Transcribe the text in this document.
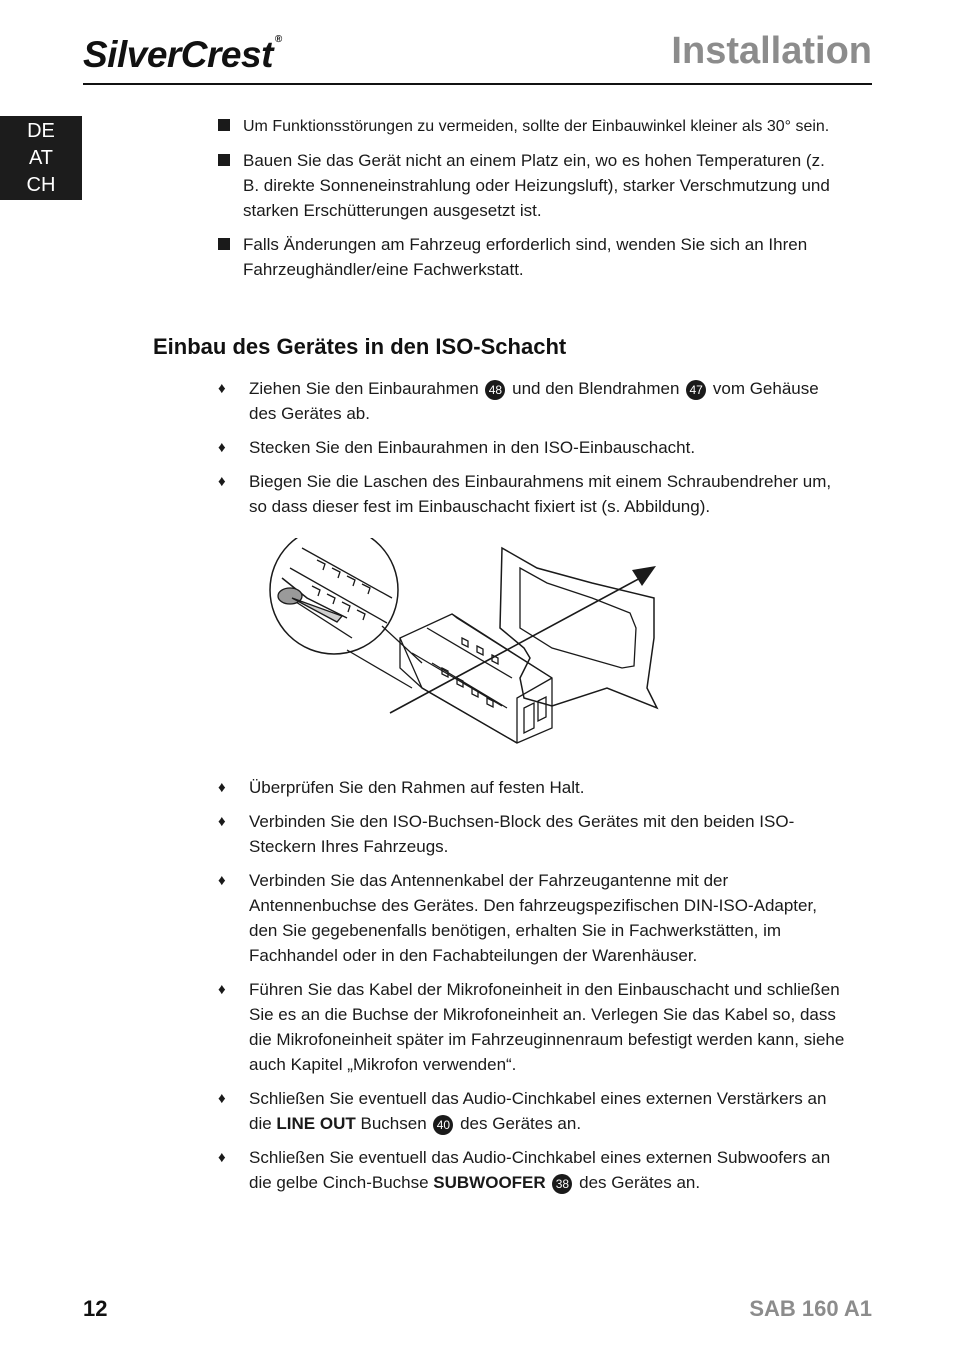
SilverCrest ®	Installation
DE
AT
CH
Um Funktionsstörungen zu vermeiden, sollte der Einbauwinkel kleiner als 30° sein.
Bauen Sie das Gerät nicht an einem Platz ein, wo es hohen Temperaturen (z. B. direkte Sonneneinstrahlung oder Heizungsluft), starker Verschmutzung und starken Erschütterungen ausgesetzt ist.
Falls Änderungen am Fahrzeug erforderlich sind, wenden Sie sich an Ihren Fahrzeughändler/eine Fachwerkstatt.
Einbau des Gerätes in den ISO-Schacht
♦ Ziehen Sie den Einbaurahmen 48 und den Blendrahmen 47 vom Gehäuse des Gerätes ab.
♦ Stecken Sie den Einbaurahmen in den ISO-Einbauschacht.
♦ Biegen Sie die Laschen des Einbaurahmens mit einem Schraubendreher um, so dass dieser fest im Einbauschacht fixiert ist (s. Abbildung).
♦ Überprüfen Sie den Rahmen auf festen Halt.
♦ Verbinden Sie den ISO-Buchsen-Block des Gerätes mit den beiden ISO-Steckern Ihres Fahrzeugs.
♦ Verbinden Sie das Antennenkabel der Fahrzeugantenne mit der Antennenbuchse des Gerätes. Den fahrzeugspezifischen DIN-ISO-Adapter, den Sie gegebenenfalls benötigen, erhalten Sie in Fachwerkstätten, im Fachhandel oder in den Fachabteilungen der Warenhäuser.
♦ Führen Sie das Kabel der Mikrofoneinheit in den Einbauschacht und schließen Sie es an die Buchse der Mikrofoneinheit an. Verlegen Sie das Kabel so, dass die Mikrofoneinheit später im Fahrzeuginnenraum befestigt werden kann, siehe auch Kapitel „Mikrofon verwenden“.
♦ Schließen Sie eventuell das Audio-Cinchkabel eines externen Verstärkers an die LINE OUT Buchsen 40 des Gerätes an.
♦ Schließen Sie eventuell das Audio-Cinchkabel eines externen Subwoofers an die gelbe Cinch-Buchse SUBWOOFER 38 des Gerätes an.
12	SAB 160 A1
